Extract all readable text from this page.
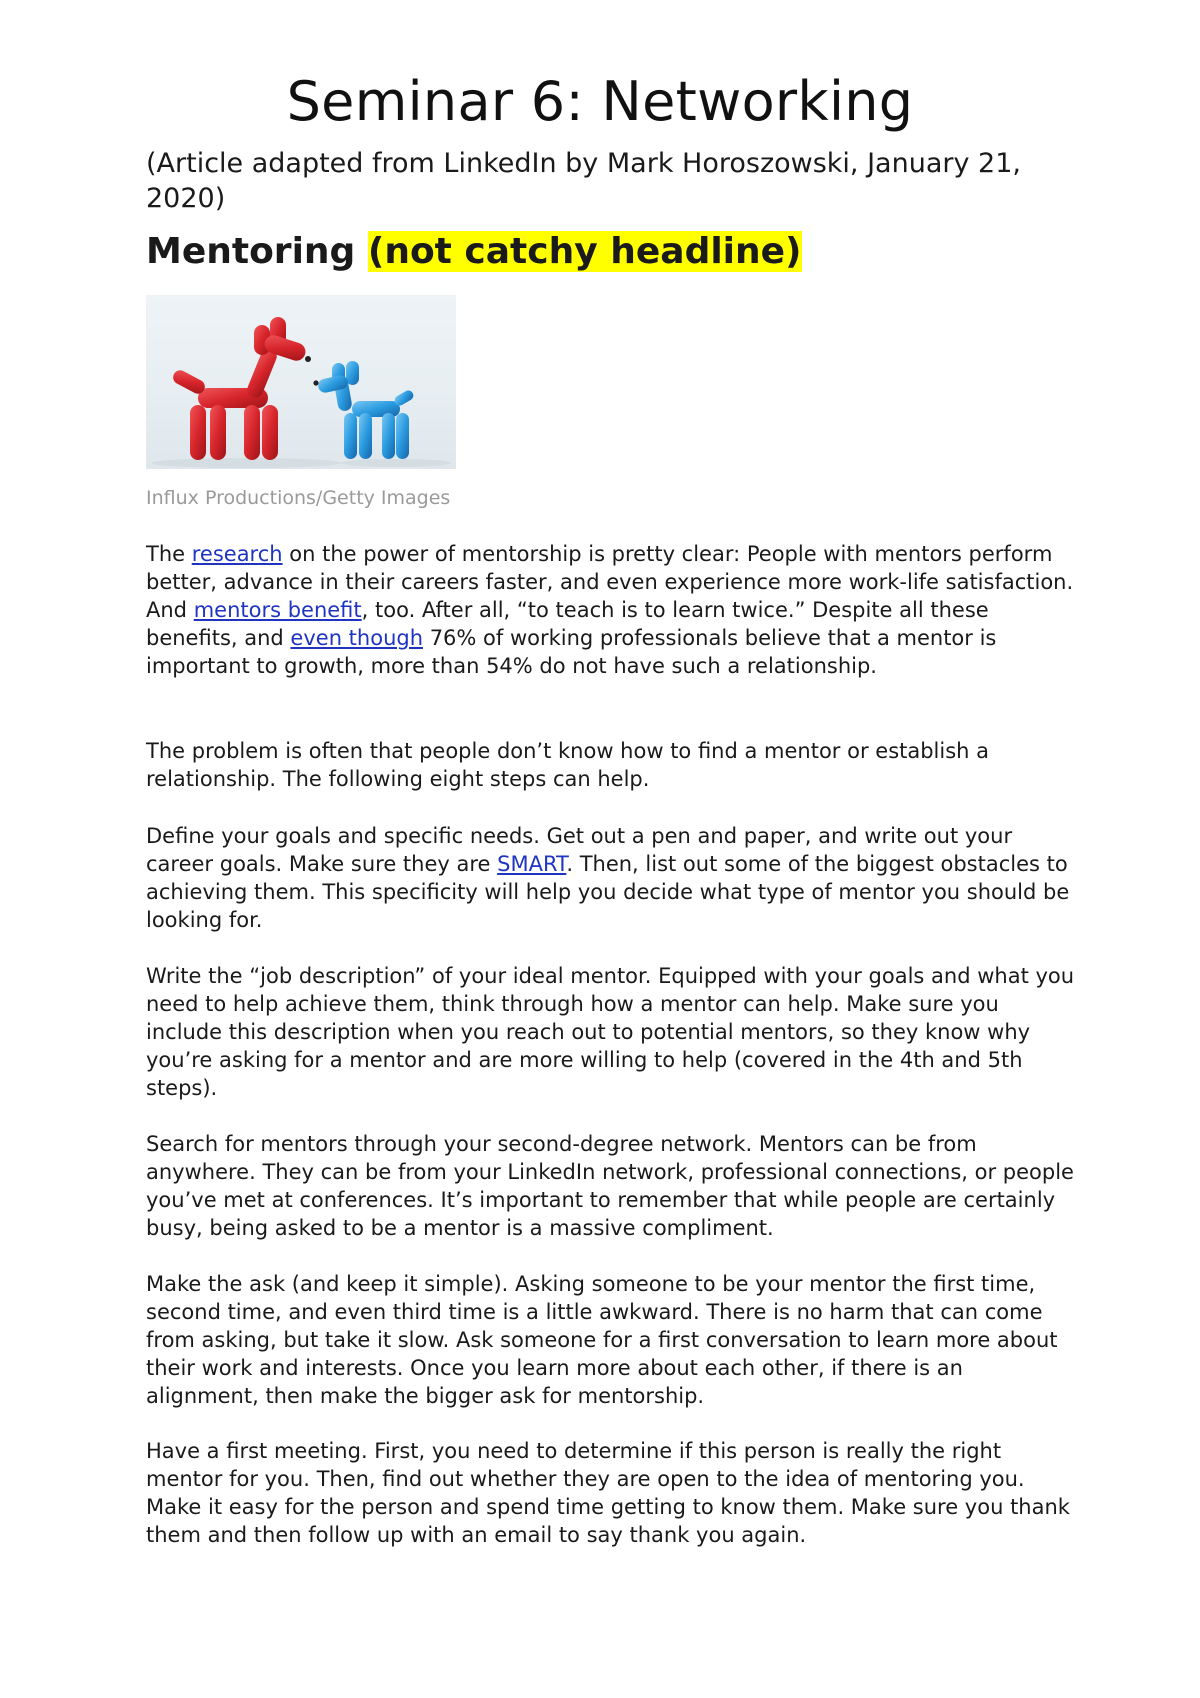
Seminar 6: Networking

(Article adapted from LinkedIn by Mark Horoszowski, January 21, 2020)

Mentoring (not catchy headline)

Influx Productions/Getty Images

The research on the power of mentorship is pretty clear: People with mentors perform better, advance in their careers faster, and even experience more work-life satisfaction. And mentors benefit, too. After all, “to teach is to learn twice.” Despite all these benefits, and even though 76% of working professionals believe that a mentor is important to growth, more than 54% do not have such a relationship.

The problem is often that people don’t know how to find a mentor or establish a relationship. The following eight steps can help.

Define your goals and specific needs. Get out a pen and paper, and write out your career goals. Make sure they are SMART. Then, list out some of the biggest obstacles to achieving them. This specificity will help you decide what type of mentor you should be looking for.

Write the “job description” of your ideal mentor. Equipped with your goals and what you need to help achieve them, think through how a mentor can help. Make sure you include this description when you reach out to potential mentors, so they know why you’re asking for a mentor and are more willing to help (covered in the 4th and 5th steps).

Search for mentors through your second-degree network. Mentors can be from anywhere. They can be from your LinkedIn network, professional connections, or people you’ve met at conferences. It’s important to remember that while people are certainly busy, being asked to be a mentor is a massive compliment.

Make the ask (and keep it simple). Asking someone to be your mentor the first time, second time, and even third time is a little awkward. There is no harm that can come from asking, but take it slow. Ask someone for a first conversation to learn more about their work and interests. Once you learn more about each other, if there is an alignment, then make the bigger ask for mentorship.

Have a first meeting. First, you need to determine if this person is really the right mentor for you. Then, find out whether they are open to the idea of mentoring you. Make it easy for the person and spend time getting to know them. Make sure you thank them and then follow up with an email to say thank you again.
